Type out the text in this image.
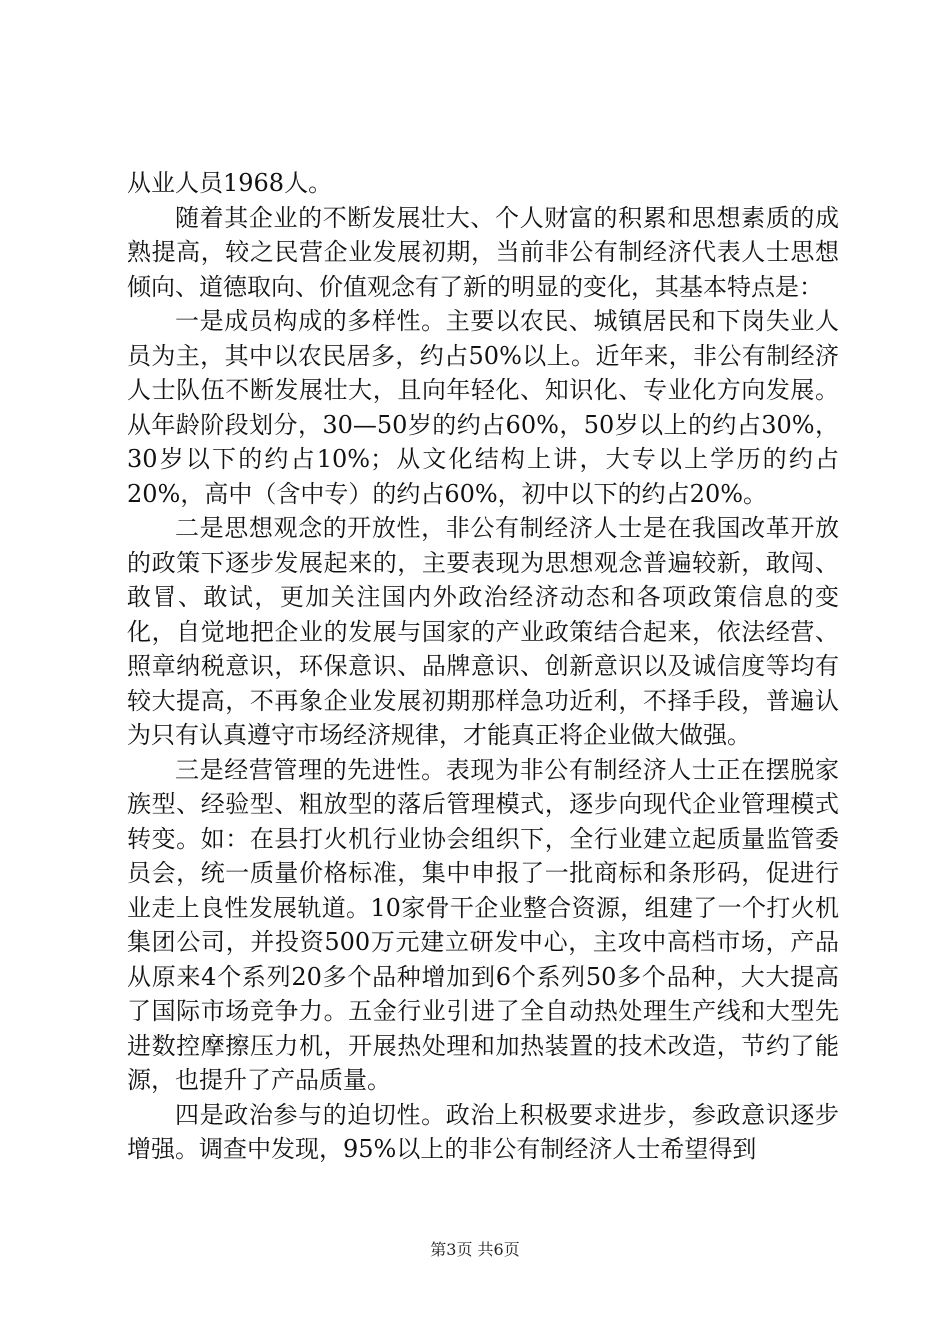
从业人员1968人。

随着其企业的不断发展壮大、个人财富的积累和思想素质的成熟提高，较之民营企业发展初期，当前非公有制经济代表人士思想倾向、道德取向、价值观念有了新的明显的变化，其基本特点是：

一是成员构成的多样性。主要以农民、城镇居民和下岗失业人员为主，其中以农民居多，约占50%以上。近年来，非公有制经济人士队伍不断发展壮大，且向年轻化、知识化、专业化方向发展。从年龄阶段划分，30—50岁的约占60%，50岁以上的约占30%，30岁以下的约占10%；从文化结构上讲，大专以上学历的约占20%，高中（含中专）的约占60%，初中以下的约占20%。

二是思想观念的开放性，非公有制经济人士是在我国改革开放的政策下逐步发展起来的，主要表现为思想观念普遍较新，敢闯、敢冒、敢试，更加关注国内外政治经济动态和各项政策信息的变化，自觉地把企业的发展与国家的产业政策结合起来，依法经营、照章纳税意识，环保意识、品牌意识、创新意识以及诚信度等均有较大提高，不再象企业发展初期那样急功近利，不择手段，普遍认为只有认真遵守市场经济规律，才能真正将企业做大做强。

三是经营管理的先进性。表现为非公有制经济人士正在摆脱家族型、经验型、粗放型的落后管理模式，逐步向现代企业管理模式转变。如：在县打火机行业协会组织下，全行业建立起质量监管委员会，统一质量价格标准，集中申报了一批商标和条形码，促进行业走上良性发展轨道。10家骨干企业整合资源，组建了一个打火机集团公司，并投资500万元建立研发中心，主攻中高档市场，产品从原来4个系列20多个品种增加到6个系列50多个品种，大大提高了国际市场竞争力。五金行业引进了全自动热处理生产线和大型先进数控摩擦压力机，开展热处理和加热装置的技术改造，节约了能源，也提升了产品质量。

四是政治参与的迫切性。政治上积极要求进步，参政意识逐步增强。调查中发现，95%以上的非公有制经济人士希望得到

第3页 共6页
